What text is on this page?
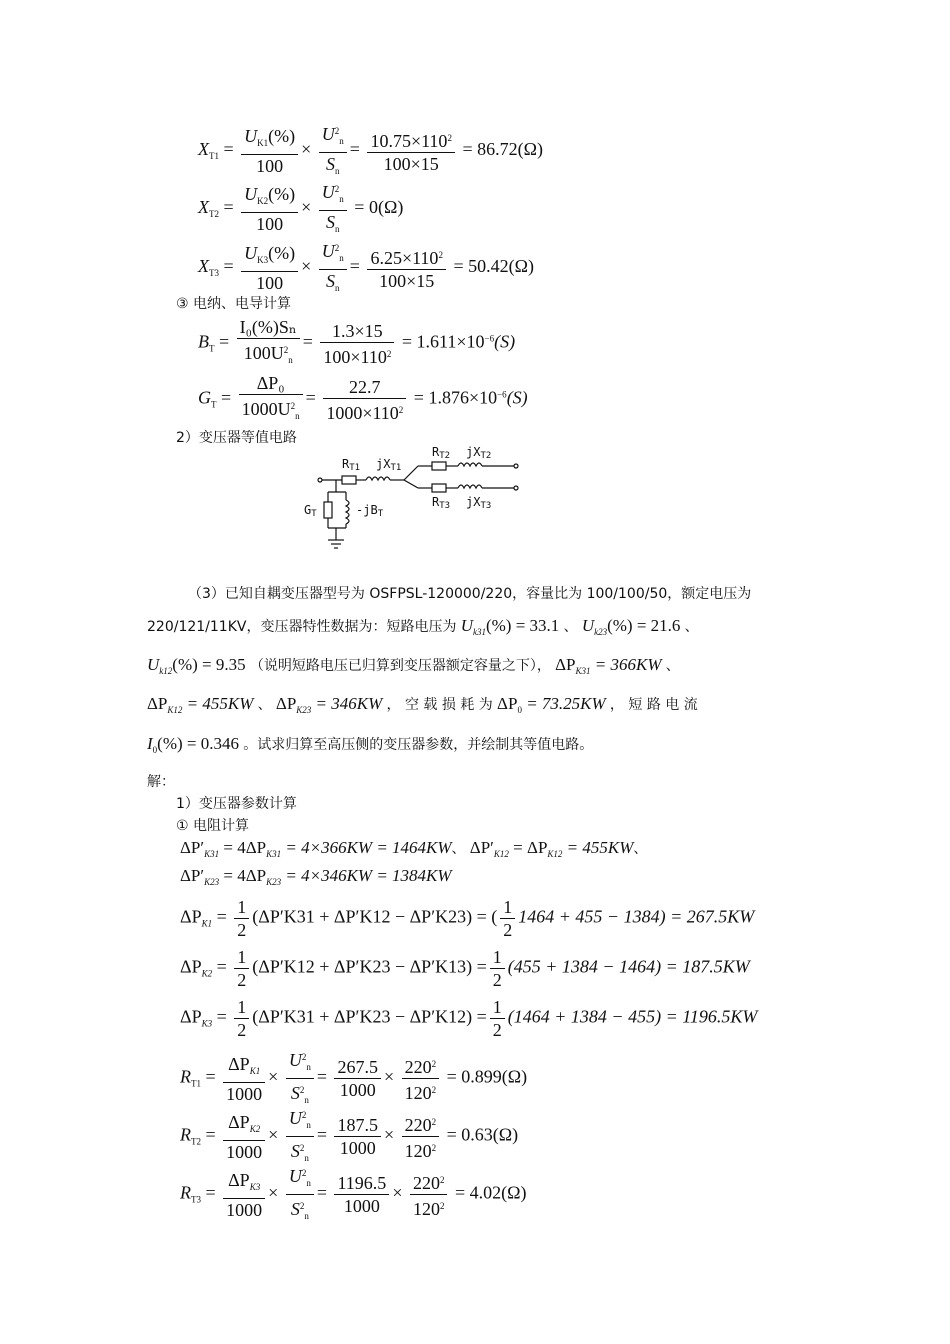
$X_{T1} = \frac{U_{K1}(\%)}{100} \times \frac{U^2_n}{S_n} = \frac{10.75\times 110^2}{100\times 15} = 86.72(\Omega)$
$X_{T2} = \frac{U_{K2}(\%)}{100} \times \frac{U^2_n}{S_n} = 0(\Omega)$
$X_{T3} = \frac{U_{K3}(\%)}{100} \times \frac{U^2_n}{S_n} = \frac{6.25\times 110^2}{100\times 15} = 50.42(\Omega)$
③ 电纳、电导计算
$B_T = \frac{\text{I₀(\%)Sₙ}}{100U^2_n} = \frac{1.3\times 15}{100\times 110^2} = 1.611\times 10^{-6}(S)$
$G_T = \frac{\text{ΔP₀}}{1000U^2_n} = \frac{22.7}{1000\times 110^2} = 1.876\times 10^{-6}(S)$
2）变压器等值电路
RT1 jXT1
RT2 jXT2
RT3 jXT3
GT	-jBT
（3）已知自耦变压器型号为 OSFPSL-120000/220，容量比为 100/100/50，额定电压为
220/121/11KV，变压器特性数据为：短路电压为 $U_{k31}(\%) = 33.1$ 、 $U_{k23}(\%) = 21.6$ 、
$U_{k12}(\%) = 9.35$ （说明短路电压已归算到变压器额定容量之下）， $\Delta P_{K31} = 366KW$ 、
$\Delta P_{K12} = 455KW$ 、 $\Delta P_{K23} = 346KW$ ， 空 载 损 耗 为 $\Delta P_0 = 73.25KW$ ， 短 路 电 流
$I_0(\%) = 0.346$ 。试求归算至高压侧的变压器参数，并绘制其等值电路。
解：
1）变压器参数计算
① 电阻计算
$\Delta P'_{K31} = 4\Delta P_{K31} = 4\times 366KW = 1464KW$、 $\Delta P'_{K12} = \Delta P_{K12} = 455KW$、
$\Delta P'_{K23} = 4\Delta P_{K23} = 4\times 346KW = 1384KW$
$\Delta P_{K1} = \frac{1}{2} (\Delta P'K31 + \Delta P'K12 - \Delta P'K23)$ = ( $\frac{1}{2} 1464 + 455 - 1384) = 267.5KW$
$\Delta P_{K2} = \frac{1}{2} (\Delta P'K12 + \Delta P'K23 - \Delta P'K13) = \frac{1}{2} (455 + 1384 - 1464) = 187.5KW$
$\Delta P_{K3} = \frac{1}{2} (\Delta P'K31 + \Delta P'K23 - \Delta P'K12) = \frac{1}{2} (1464 + 1384 - 455) = 1196.5KW$
$R_{T1} = \frac{\Delta P_{K1}}{1000} \times \frac{U^2_n}{S^2_n} = \frac{267.5}{1000} \times \frac{220^2}{120^2} = 0.899(\Omega)$
$R_{T2} = \frac{\Delta P_{K2}}{1000} \times \frac{U^2_n}{S^2_n} = \frac{187.5}{1000} \times \frac{220^2}{120^2} = 0.63(\Omega)$
$R_{T3} = \frac{\Delta P_{K3}}{1000} \times \frac{U^2_n}{S^2_n} = \frac{1196.5}{1000} \times \frac{220^2}{120^2} = 4.02(\Omega)$
